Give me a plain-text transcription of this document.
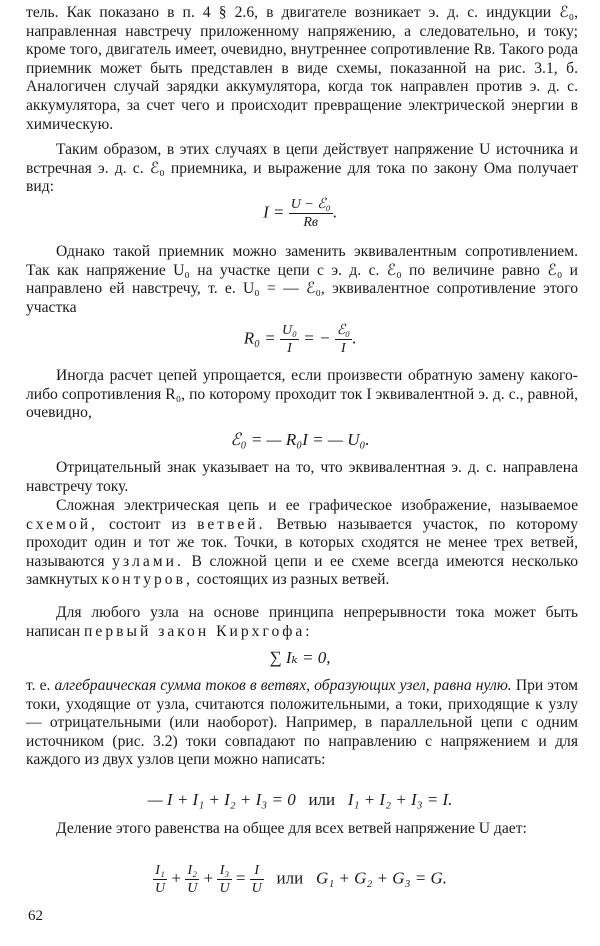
тель. Как показано в п. 4 § 2.6, в двигателе возникает э. д. с. индукции ℰ₀, направленная навстречу приложенному напряжению, а следовательно, и току; кроме того, двигатель имеет, очевидно, внутреннее сопротивление Rв. Такого рода приемник может быть представлен в виде схемы, показанной на рис. 3.1, б. Аналогичен случай зарядки аккумулятора, когда ток направлен против э. д. с. аккумулятора, за счет чего и происходит превращение электрической энергии в химическую.

Таким образом, в этих случаях в цепи действует напряжение U источника и встречная э. д. с. ℰ₀ приемника, и выражение для тока по закону Ома получает вид:

$I = \frac{\text{U − ℰ₀}}{Rв}$ .

Однако такой приемник можно заменить эквивалентным сопротивлением. Так как напряжение U₀ на участке цепи с э. д. с. ℰ₀ по величине равно ℰ₀ и направлено ей навстречу, т. е. U₀ = — ℰ₀, эквивалентное сопротивление этого участка

$R_0 = \frac{\text{U₀}}{I}$ = − $\frac{\text{ℰ₀}}{I}$ .

Иногда расчет цепей упрощается, если произвести обратную замену какого-либо сопротивления R₀, по которому проходит ток I эквивалентной э. д. с., равной, очевидно,

ℰ₀ = — R₀I = — U₀.

Отрицательный знак указывает на то, что эквивалентная э. д. с. направлена навстречу току.

Сложная электрическая цепь и ее графическое изображение, называемое схемой, состоит из ветвей. Ветвью называется участок, по которому проходит один и тот же ток. Точки, в которых сходятся не менее трех ветвей, называются узлами. В сложной цепи и ее схеме всегда имеются несколько замкнутых контуров, состоящих из разных ветвей.

Для любого узла на основе принципа непрерывности тока может быть написан первый закон Кирхгофа:

∑ Iₖ = 0,

т. е. алгебраическая сумма токов в ветвях, образующих узел, равна нулю. При этом токи, уходящие от узла, считаются положительными, а токи, приходящие к узлу — отрицательными (или наоборот). Например, в параллельной цепи с одним источником (рис. 3.2) токи совпадают по направлению с напряжением и для каждого из двух узлов цепи можно написать:

— I + I₁ + I₂ + I₃ = 0 или I₁ + I₂ + I₃ = I.

Деление этого равенства на общее для всех ветвей напряжение U дает:

$\frac{\text{I₁}}{U} + \frac{\text{I₂}}{U} + \frac{\text{I₃}}{U} = \frac{I}{U}$ или G₁ + G₂ + G₃ = G.
62
